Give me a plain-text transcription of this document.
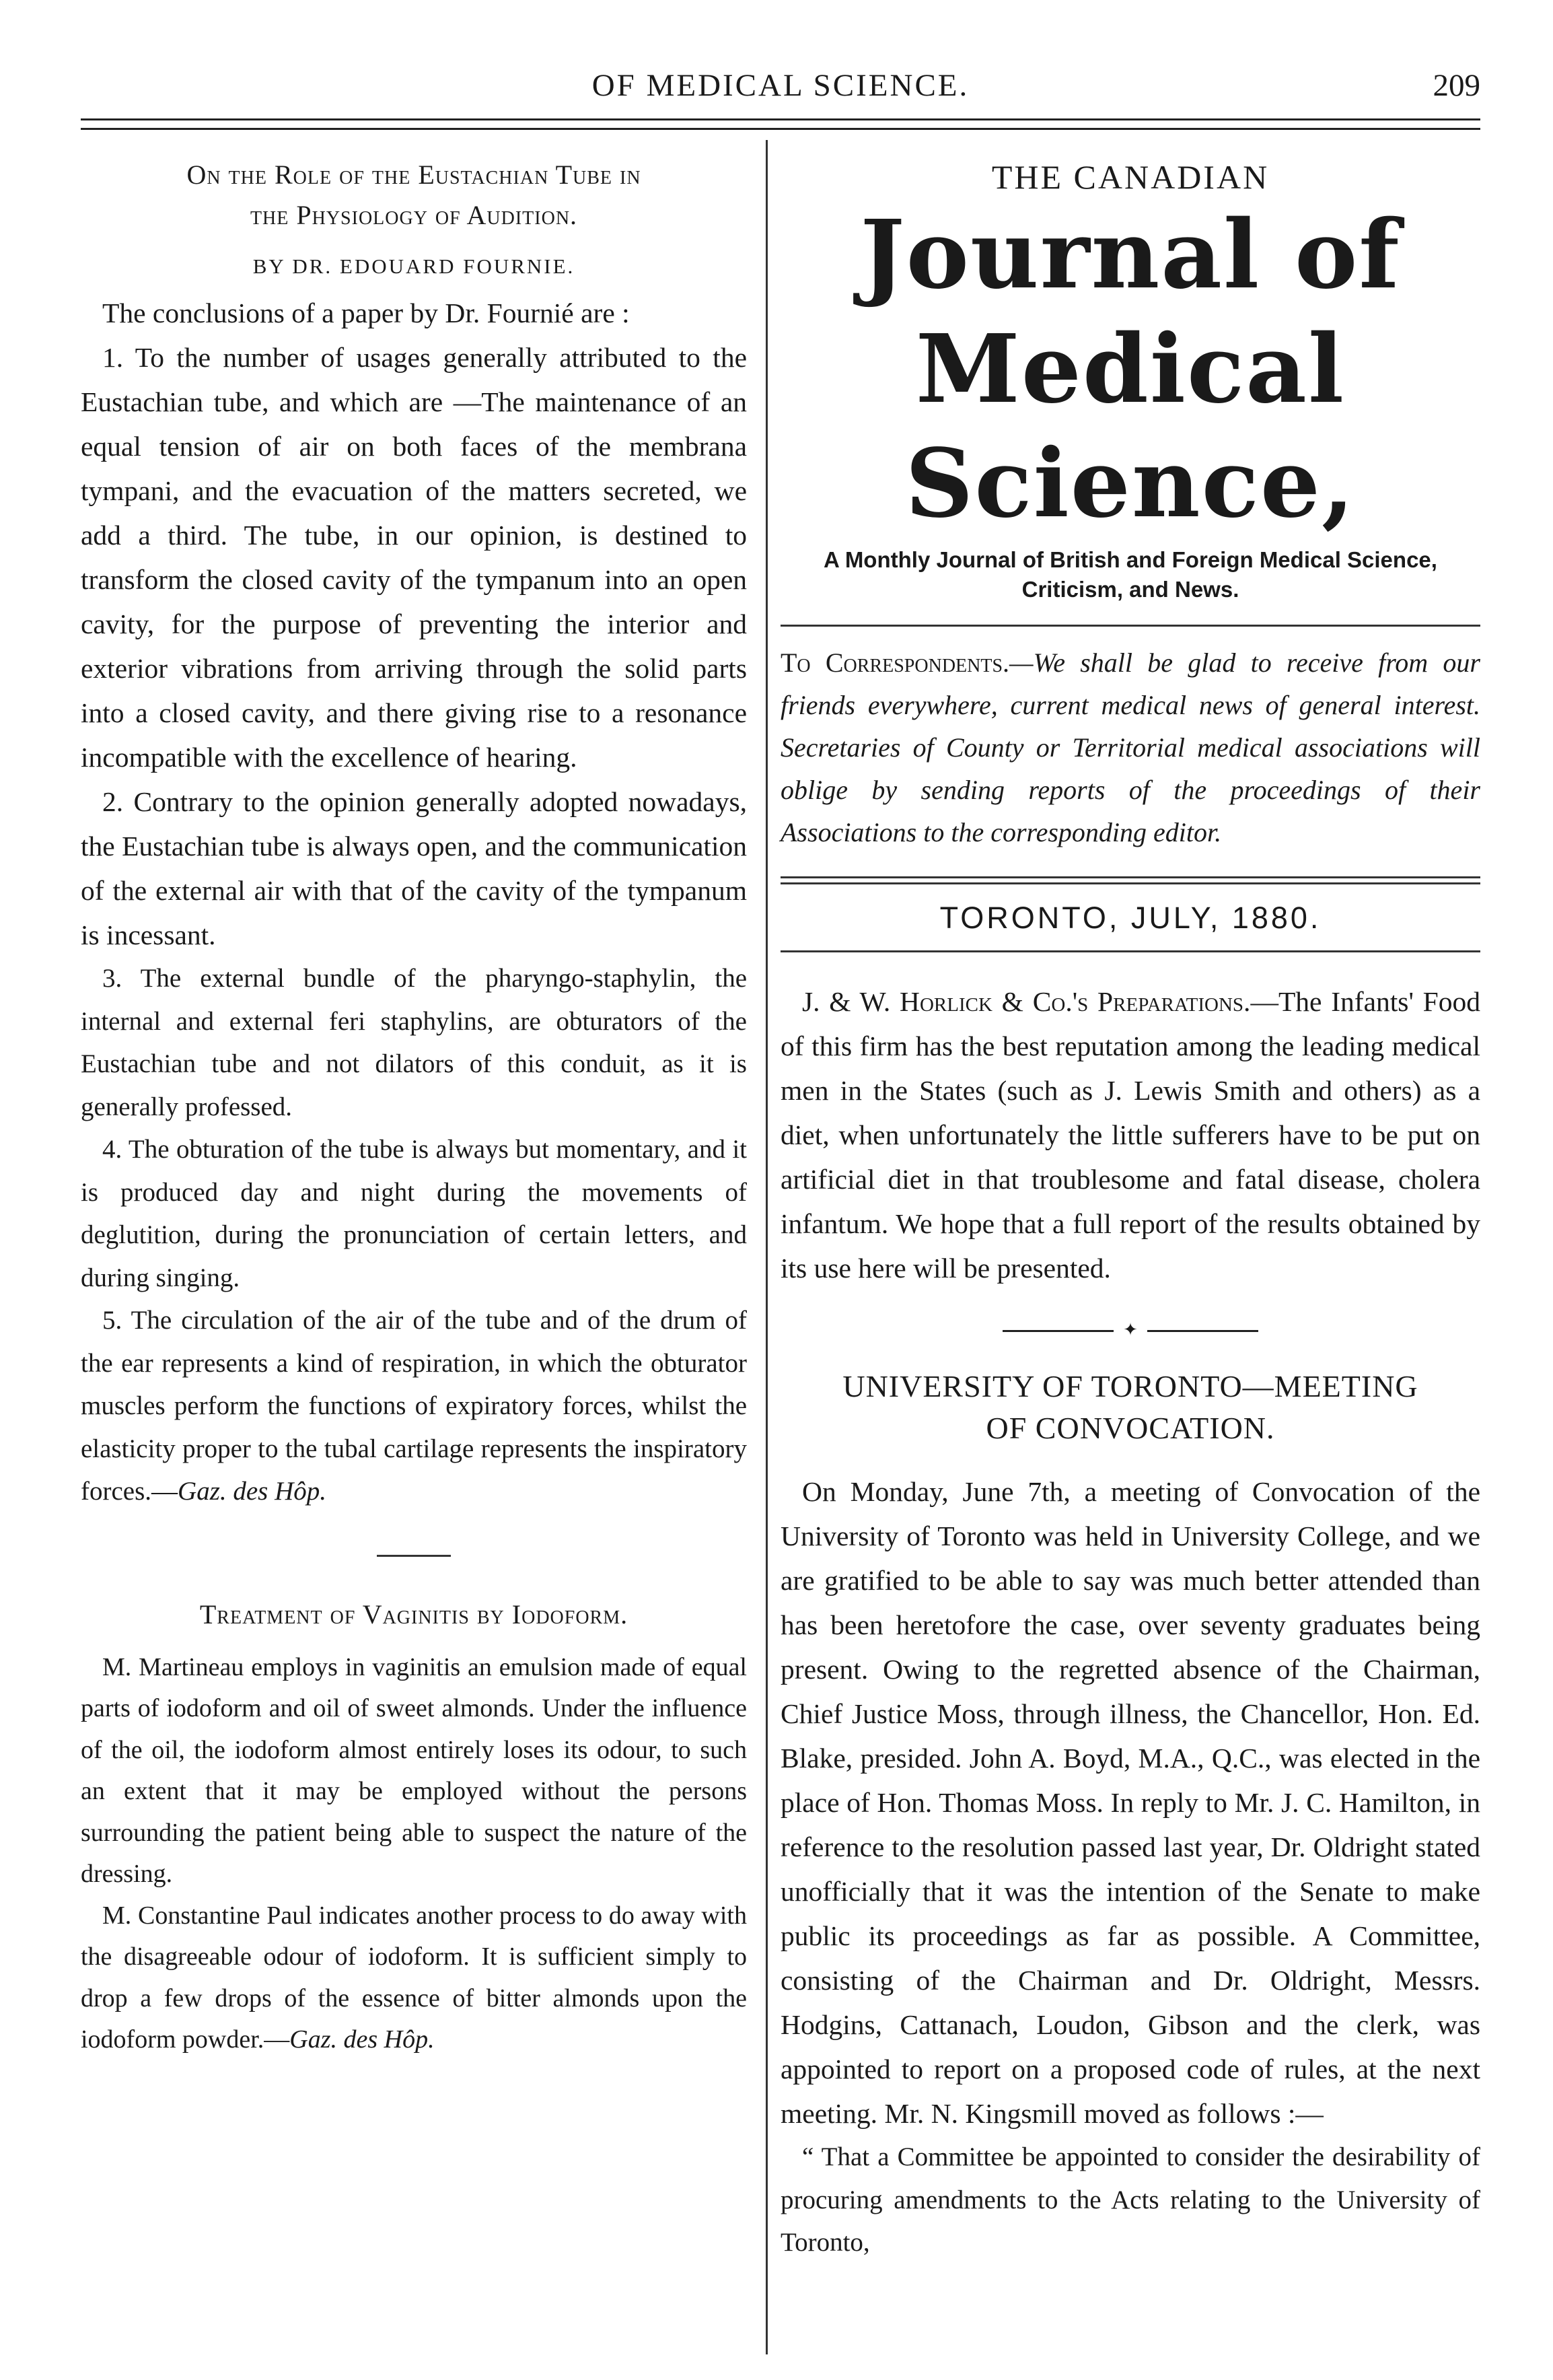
OF MEDICAL SCIENCE.	209
On the Role of the Eustachian Tube in
the Physiology of Audition.
BY DR. EDOUARD FOURNIE.

The conclusions of a paper by Dr. Fournié are :

1. To the number of usages generally attributed to the Eustachian tube, and which are —The maintenance of an equal tension of air on both faces of the membrana tympani, and the evacuation of the matters secreted, we add a third. The tube, in our opinion, is destined to transform the closed cavity of the tympanum into an open cavity, for the purpose of preventing the interior and exterior vibrations from arriving through the solid parts into a closed cavity, and there giving rise to a resonance incompatible with the excellence of hearing.

2. Contrary to the opinion generally adopted nowadays, the Eustachian tube is always open, and the communication of the external air with that of the cavity of the tympanum is incessant.

3. The external bundle of the pharyngo-staphylin, the internal and external feri staphylins, are obturators of the Eustachian tube and not dilators of this conduit, as it is generally professed.

4. The obturation of the tube is always but momentary, and it is produced day and night during the movements of deglutition, during the pronunciation of certain letters, and during singing.

5. The circulation of the air of the tube and of the drum of the ear represents a kind of respiration, in which the obturator muscles perform the functions of expiratory forces, whilst the elasticity proper to the tubal cartilage represents the inspiratory forces.—Gaz. des Hôp.

Treatment of Vaginitis by Iodoform.

M. Martineau employs in vaginitis an emulsion made of equal parts of iodoform and oil of sweet almonds. Under the influence of the oil, the iodoform almost entirely loses its odour, to such an extent that it may be employed without the persons surrounding the patient being able to suspect the nature of the dressing.

M. Constantine Paul indicates another process to do away with the disagreeable odour of iodoform. It is sufficient simply to drop a few drops of the essence of bitter almonds upon the iodoform powder.—Gaz. des Hôp.

THE CANADIAN
Journal of Medical Science,
A Monthly Journal of British and Foreign Medical Science, Criticism, and News.

To Correspondents.—We shall be glad to receive from our friends everywhere, current medical news of general interest. Secretaries of County or Territorial medical associations will oblige by sending reports of the proceedings of their Associations to the corresponding editor.

TORONTO, JULY, 1880.

J. & W. Horlick & Co.'s Preparations.—The Infants' Food of this firm has the best reputation among the leading medical men in the States (such as J. Lewis Smith and others) as a diet, when unfortunately the little sufferers have to be put on artificial diet in that troublesome and fatal disease, cholera infantum. We hope that a full report of the results obtained by its use here will be presented.

✦
UNIVERSITY OF TORONTO—MEETING
OF CONVOCATION.

On Monday, June 7th, a meeting of Convocation of the University of Toronto was held in University College, and we are gratified to be able to say was much better attended than has been heretofore the case, over seventy graduates being present. Owing to the regretted absence of the Chairman, Chief Justice Moss, through illness, the Chancellor, Hon. Ed. Blake, presided. John A. Boyd, M.A., Q.C., was elected in the place of Hon. Thomas Moss. In reply to Mr. J. C. Hamilton, in reference to the resolution passed last year, Dr. Oldright stated unofficially that it was the intention of the Senate to make public its proceedings as far as possible. A Committee, consisting of the Chairman and Dr. Oldright, Messrs. Hodgins, Cattanach, Loudon, Gibson and the clerk, was appointed to report on a proposed code of rules, at the next meeting. Mr. N. Kingsmill moved as follows :—

“ That a Committee be appointed to consider the desirability of procuring amendments to the Acts relating to the University of Toronto,
